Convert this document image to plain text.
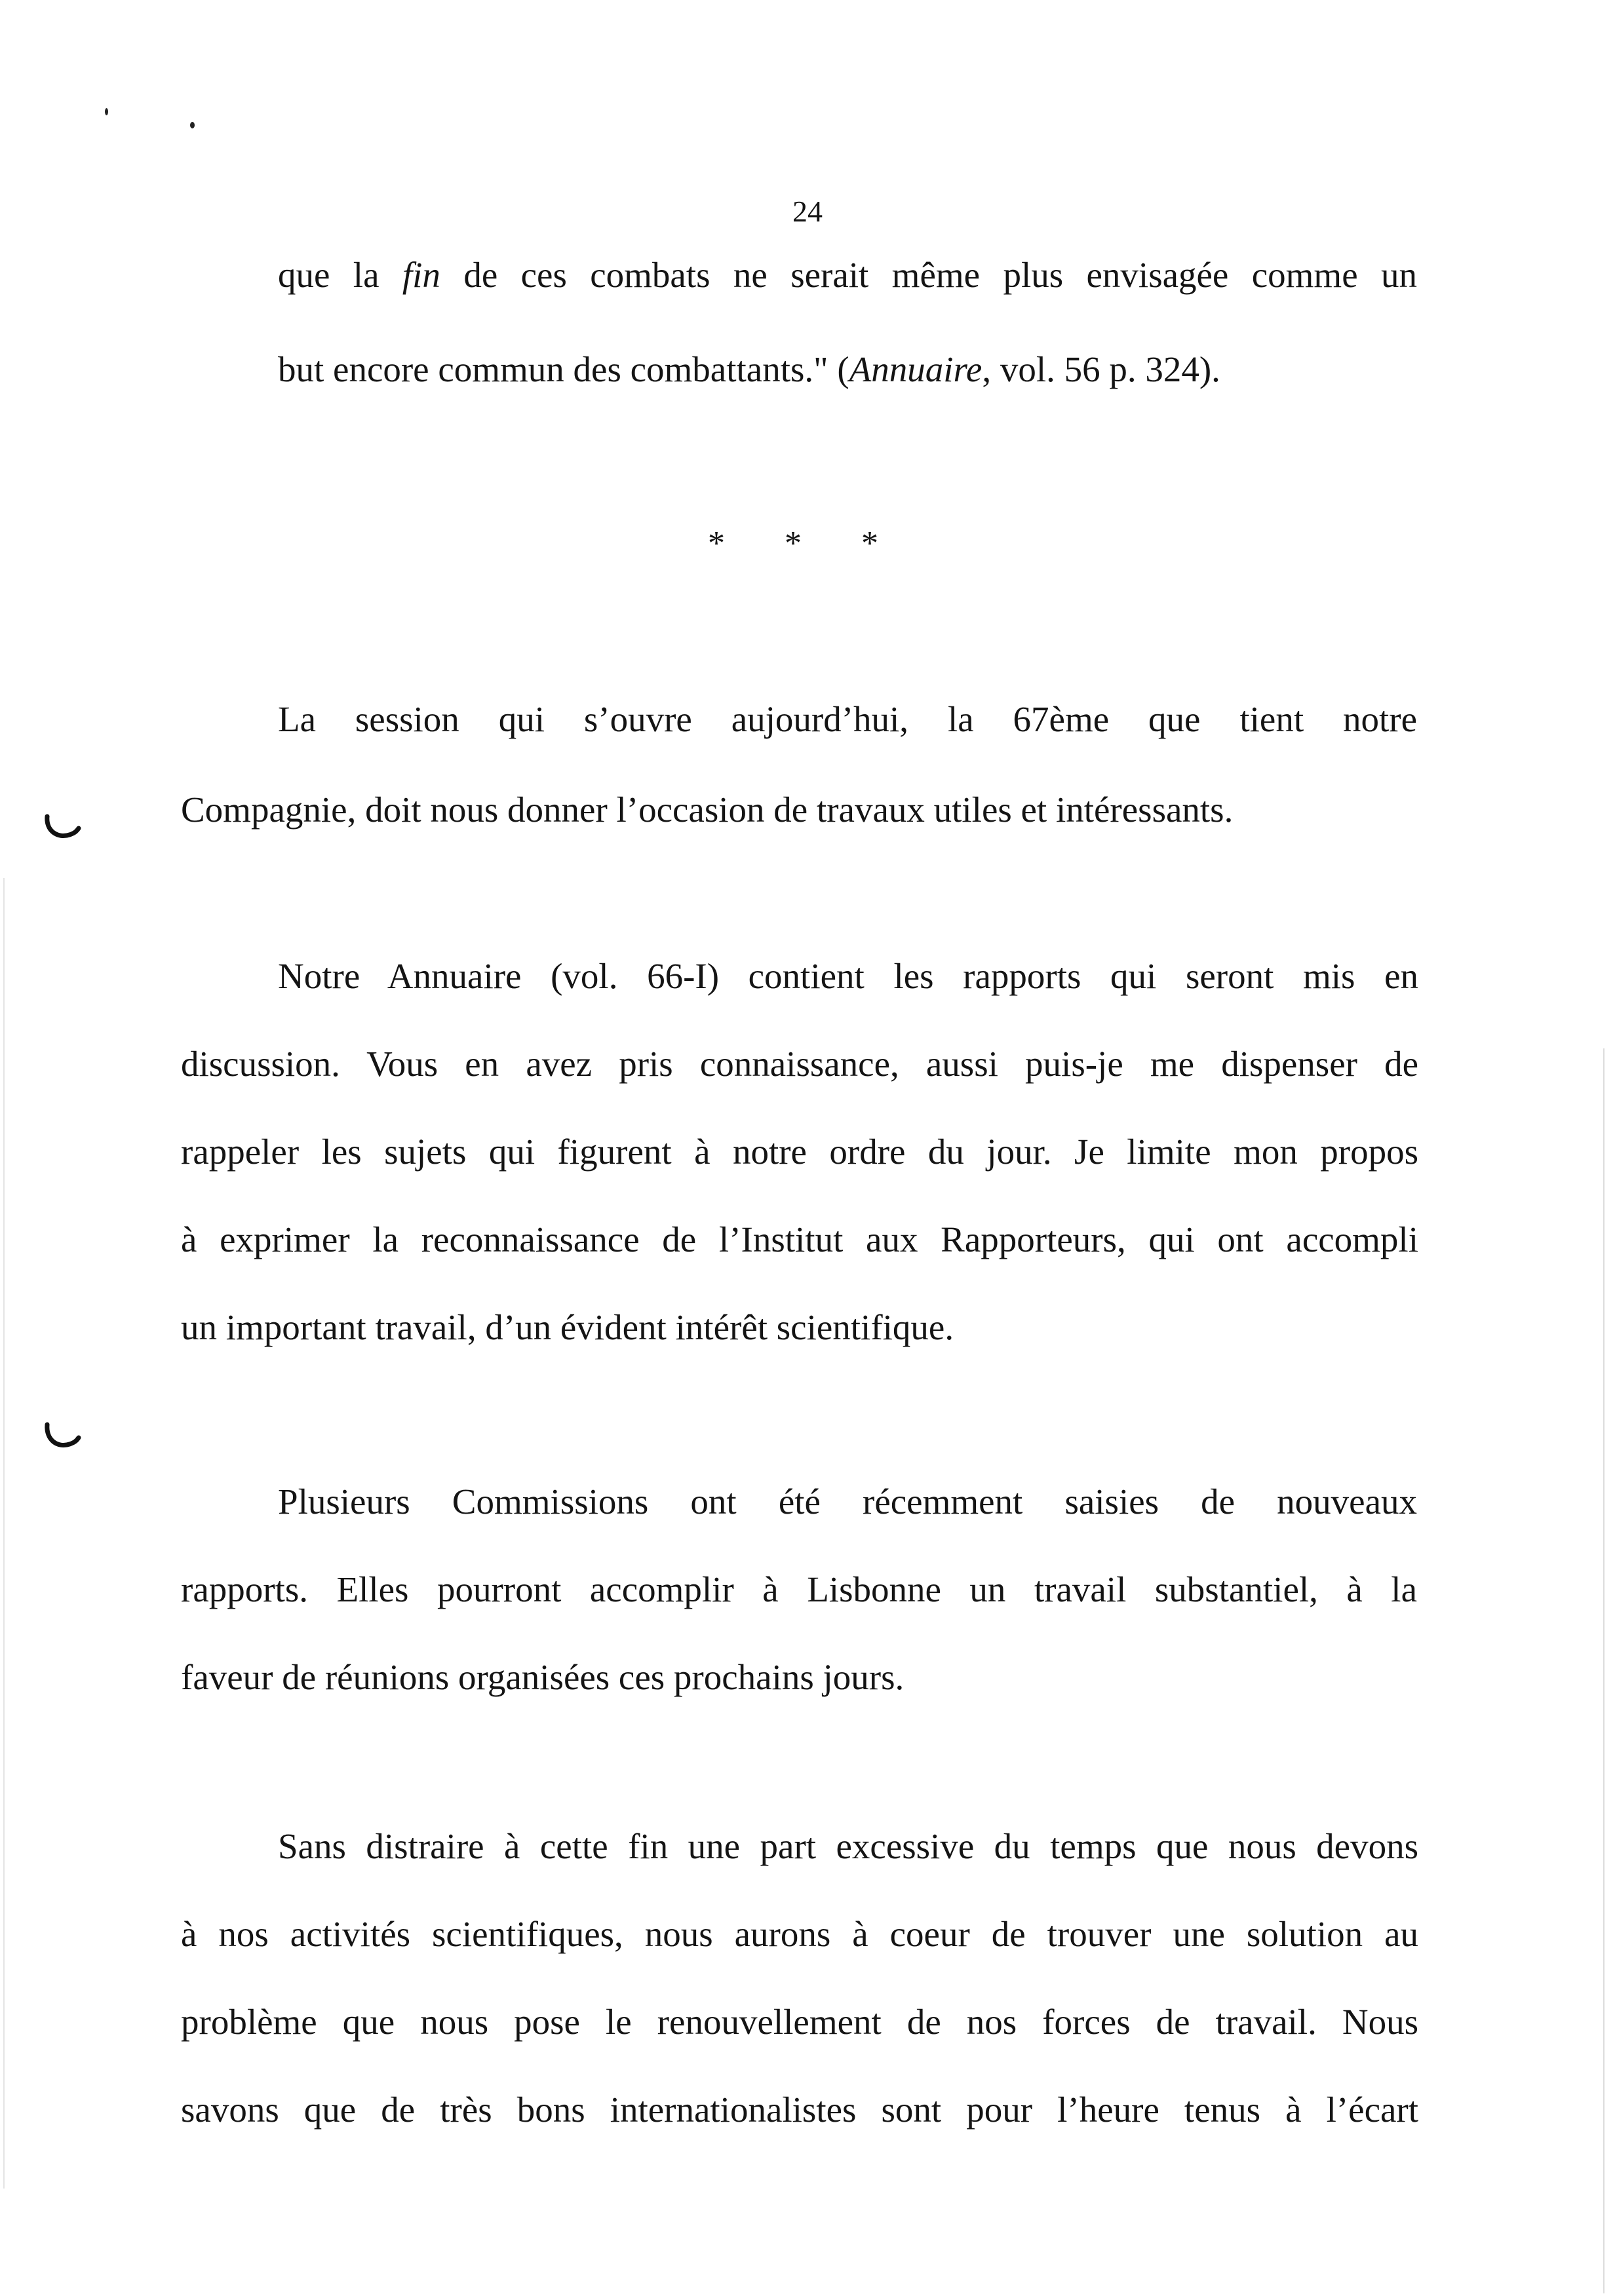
24
que la fin de ces combats ne serait même plus envisagée comme un
but encore commun des combattants." (Annuaire, vol. 56 p. 324).
* * *
La session qui s’ouvre aujourd’hui, la 67ème que tient notre
Compagnie, doit nous donner l’occasion de travaux utiles et intéressants.
Notre Annuaire (vol. 66-I) contient les rapports qui seront mis en
discussion. Vous en avez pris connaissance, aussi puis-je me dispenser de
rappeler les sujets qui figurent à notre ordre du jour. Je limite mon propos
à exprimer la reconnaissance de l’Institut aux Rapporteurs, qui ont accompli
un important travail, d’un évident intérêt scientifique.
Plusieurs Commissions ont été récemment saisies de nouveaux
rapports. Elles pourront accomplir à Lisbonne un travail substantiel, à la
faveur de réunions organisées ces prochains jours.
Sans distraire à cette fin une part excessive du temps que nous devons
à nos activités scientifiques, nous aurons à coeur de trouver une solution au
problème que nous pose le renouvellement de nos forces de travail. Nous
savons que de très bons internationalistes sont pour l’heure tenus à l’écart
